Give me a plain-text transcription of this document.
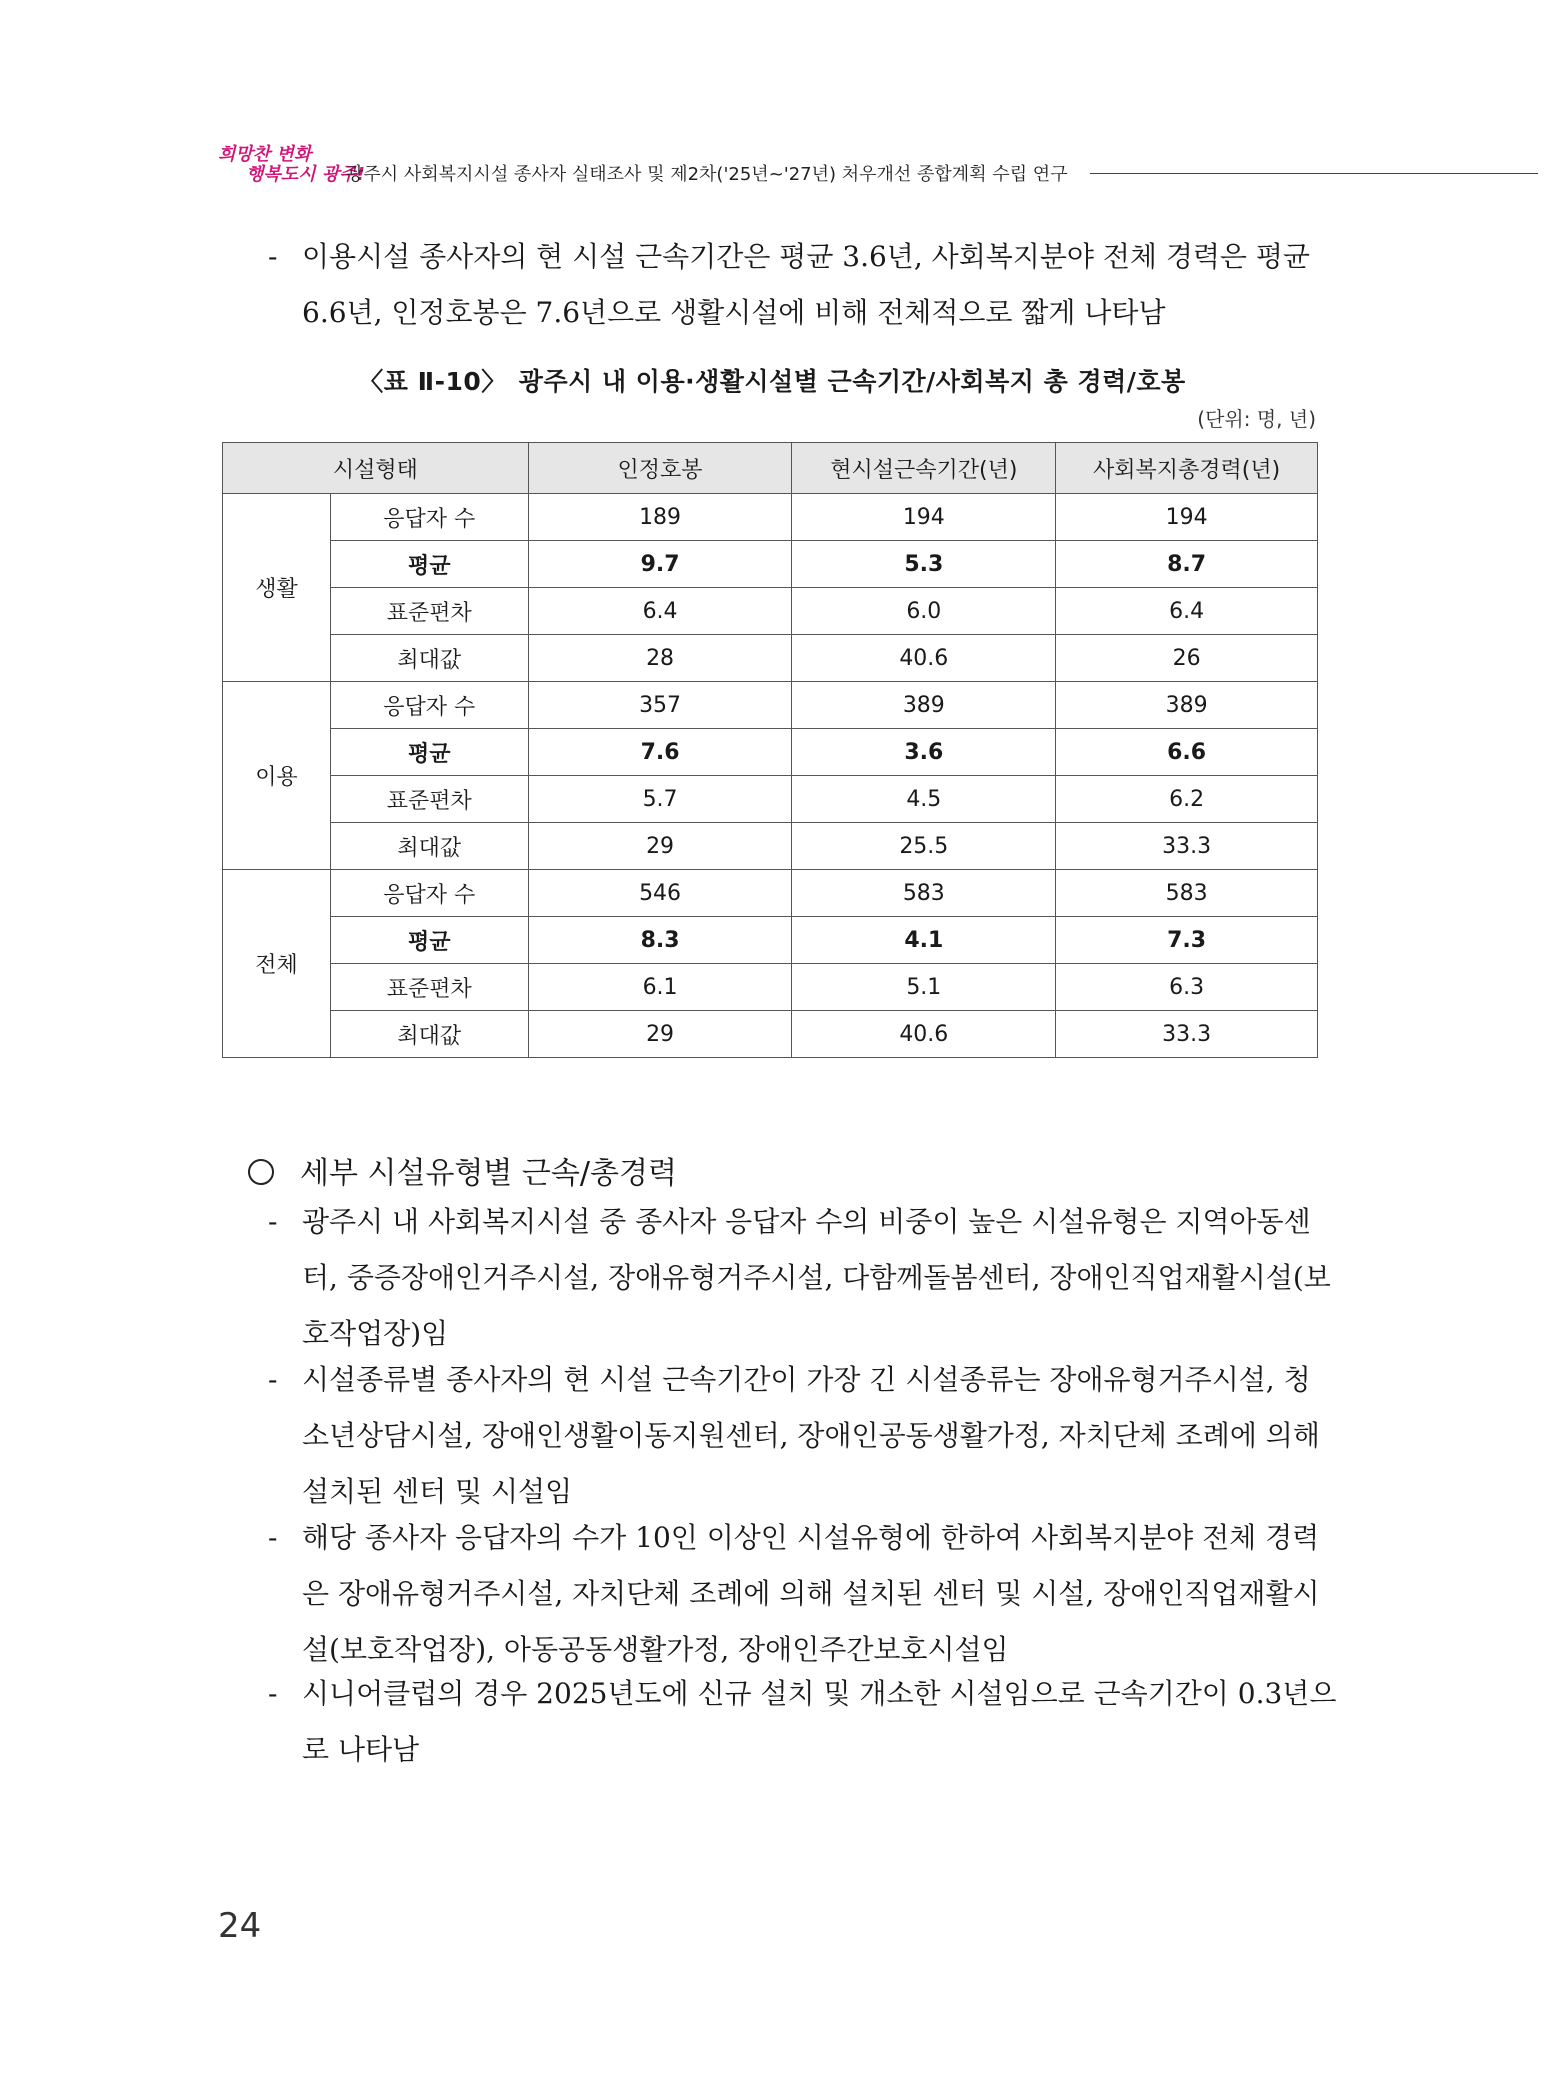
희망찬 변화
행복도시 광주!
광주시 사회복지시설 종사자 실태조사 및 제2차('25년~'27년) 처우개선 종합계획 수립 연구
- 이용시설 종사자의 현 시설 근속기간은 평균 3.6년, 사회복지분야 전체 경력은 평균
6.6년, 인정호봉은 7.6년으로 생활시설에 비해 전체적으로 짧게 나타남
〈표 Ⅱ-10〉 광주시 내 이용·생활시설별 근속기간/사회복지 총 경력/호봉
(단위: 명, 년)
시설형태		인정호봉	현시설근속기간(년)	사회복지총경력(년)
생활	응답자 수	189	194	194
	평균	9.7	5.3	8.7
	표준편차	6.4	6.0	6.4
	최대값	28	40.6	26
이용	응답자 수	357	389	389
	평균	7.6	3.6	6.6
	표준편차	5.7	4.5	6.2
	최대값	29	25.5	33.3
전체	응답자 수	546	583	583
	평균	8.3	4.1	7.3
	표준편차	6.1	5.1	6.3
	최대값	29	40.6	33.3
세부 시설유형별 근속/총경력
- 광주시 내 사회복지시설 중 종사자 응답자 수의 비중이 높은 시설유형은 지역아동센
터, 중증장애인거주시설, 장애유형거주시설, 다함께돌봄센터, 장애인직업재활시설(보
호작업장)임
- 시설종류별 종사자의 현 시설 근속기간이 가장 긴 시설종류는 장애유형거주시설, 청
소년상담시설, 장애인생활이동지원센터, 장애인공동생활가정, 자치단체 조례에 의해
설치된 센터 및 시설임
- 해당 종사자 응답자의 수가 10인 이상인 시설유형에 한하여 사회복지분야 전체 경력
은 장애유형거주시설, 자치단체 조례에 의해 설치된 센터 및 시설, 장애인직업재활시
설(보호작업장), 아동공동생활가정, 장애인주간보호시설임
- 시니어클럽의 경우 2025년도에 신규 설치 및 개소한 시설임으로 근속기간이 0.3년으
로 나타남
24
